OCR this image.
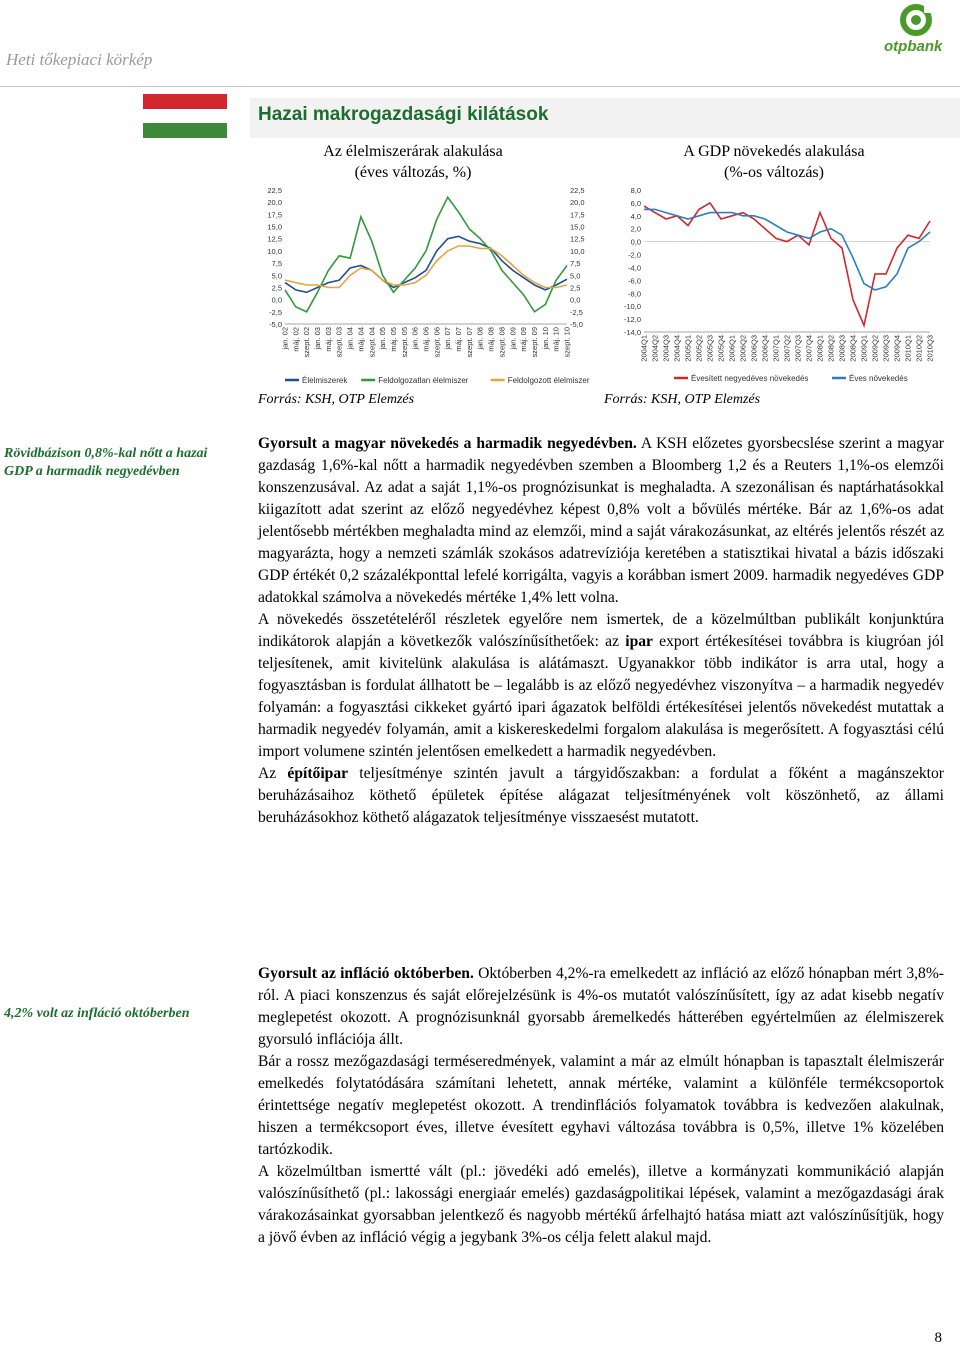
Heti tőkepiaci körkép
otpbank
Hazai makrogazdasági kilátások
Az élelmiszerárak alakulása
(éves változás, %)
A GDP növekedés alakulása
(%-os változás)
22,5	22,5
20,0	20,0
17,5	17,5
15,0	15,0
12,5	12,5
10,0	10,0
7,5	7,5
5,0	5,0
2,5	2,5
0,0	0,0
-2,5	-2,5
-5,0	-5,0
jan. 02 máj. 02 szept. 02 jan. 03 máj. 03 szept. 03 jan. 04 máj. 04 szept. 04 jan. 05 máj. 05 szept. 05 jan. 06 máj. 06 szept. 06 jan. 07 máj. 07 szept. 07 jan. 08 máj. 08 szept. 08 jan. 09 máj. 09 szept. 09 jan. 10 máj. 10 szept. 10
Élelmiszerek	Feldolgozatlan élelmiszer	Feldolgozott élelmiszer
8,0
6,0
4,0
2,0
0,0
-2,0
-4,0
-6,0
-8,0
-10,0
-12,0
-14,0
2004Q1 2004Q2 2004Q3 2004Q4 2005Q1 2005Q2 2005Q3 2005Q4 2006Q1 2006Q2 2006Q3 2006Q4 2007Q1 2007Q2 2007Q3 2007Q4 2008Q1 2008Q2 2008Q3 2008Q4 2009Q1 2009Q2 2009Q3 2009Q4 2010Q1 2010Q2 2010Q3
Évesített negyedéves növekedés	Éves növekedés
Forrás: KSH, OTP Elemzés	Forrás: KSH, OTP Elemzés
Rövidbázison 0,8%-kal nőtt a hazai GDP a harmadik negyedévben
4,2% volt az infláció októberben

Gyorsult a magyar növekedés a harmadik negyedévben. A KSH előzetes gyorsbecslése szerint a magyar gazdaság 1,6%-kal nőtt a harmadik negyedévben szemben a Bloomberg 1,2 és a Reuters 1,1%-os elemzői konszenzusával. Az adat a saját 1,1%-os prognózisunkat is meghaladta. A szezonálisan és naptárhatásokkal kiigazított adat szerint az előző negyedévhez képest 0,8% volt a bővülés mértéke. Bár az 1,6%-os adat jelentősebb mértékben meghaladta mind az elemzői, mind a saját várakozásunkat, az eltérés jelentős részét az magyarázta, hogy a nemzeti számlák szokásos adatrevíziója keretében a statisztikai hivatal a bázis időszaki GDP értékét 0,2 százalékponttal lefelé korrigálta, vagyis a korábban ismert 2009. harmadik negyedéves GDP adatokkal számolva a növekedés mértéke 1,4% lett volna.

A növekedés összetételéről részletek egyelőre nem ismertek, de a közelmúltban publikált konjunktúra indikátorok alapján a következők valószínűsíthetőek: az ipar export értékesítései továbbra is kiugróan jól teljesítenek, amit kivitelünk alakulása is alátámaszt. Ugyanakkor több indikátor is arra utal, hogy a fogyasztásban is fordulat állhatott be – legalább is az előző negyedévhez viszonyítva – a harmadik negyedév folyamán: a fogyasztási cikkeket gyártó ipari ágazatok belföldi értékesítései jelentős növekedést mutattak a harmadik negyedév folyamán, amit a kiskereskedelmi forgalom alakulása is megerősített. A fogyasztási célú import volumene szintén jelentősen emelkedett a harmadik negyedévben.

Az építőipar teljesítménye szintén javult a tárgyidőszakban: a fordulat a főként a magánszektor beruházásaihoz köthető épületek építése alágazat teljesítményének volt köszönhető, az állami beruházásokhoz köthető alágazatok teljesítménye visszaesést mutatott.

Gyorsult az infláció októberben. Októberben 4,2%-ra emelkedett az infláció az előző hónapban mért 3,8%-ról. A piaci konszenzus és saját előrejelzésünk is 4%-os mutatót valószínűsített, így az adat kisebb negatív meglepetést okozott. A prognózisunknál gyorsabb áremelkedés hátterében egyértelműen az élelmiszerek gyorsuló inflációja állt.

Bár a rossz mezőgazdasági terméseredmények, valamint a már az elmúlt hónapban is tapasztalt élelmiszerár emelkedés folytatódására számítani lehetett, annak mértéke, valamint a különféle termékcsoportok érintettsége negatív meglepetést okozott. A trendinflációs folyamatok továbbra is kedvezően alakulnak, hiszen a termékcsoport éves, illetve évesített egyhavi változása továbbra is 0,5%, illetve 1% közelében tartózkodik.

A közelmúltban ismertté vált (pl.: jövedéki adó emelés), illetve a kormányzati kommunikáció alapján valószínűsíthető (pl.: lakossági energiaár emelés) gazdaságpolitikai lépések, valamint a mezőgazdasági árak várakozásainkat gyorsabban jelentkező és nagyobb mértékű árfelhajtó hatása miatt azt valószínűsítjük, hogy a jövő évben az infláció végig a jegybank 3%-os célja felett alakul majd.

8
